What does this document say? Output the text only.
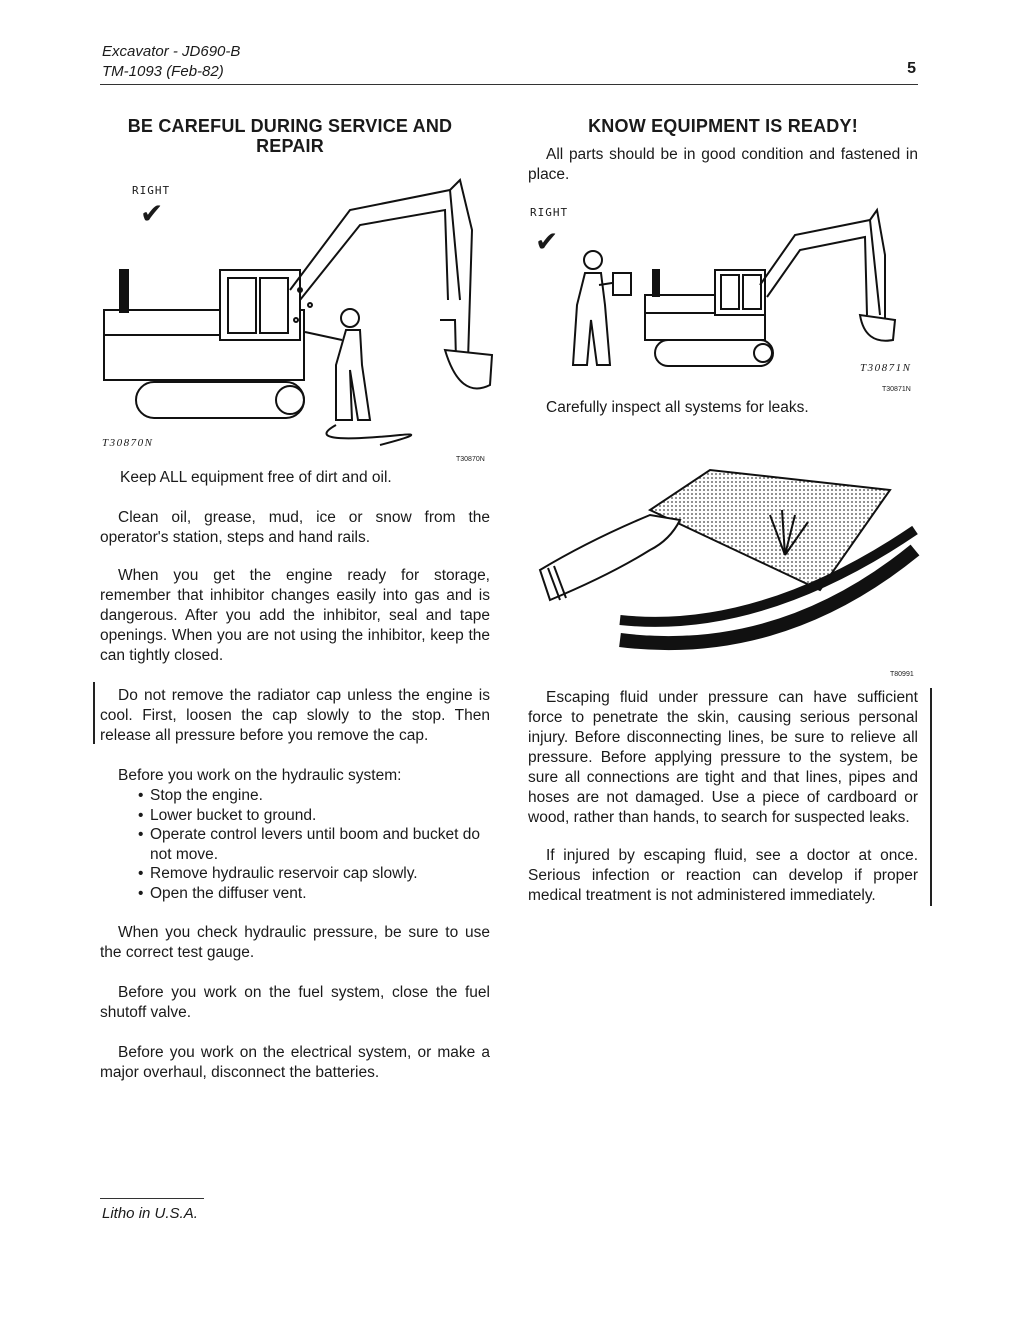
Excavator - JD690-B
TM-1093 (Feb-82)	5
BE CAREFUL DURING SERVICE AND REPAIR
RIGHT
✔
T30870N
T30870N
Keep ALL equipment free of dirt and oil.

Clean oil, grease, mud, ice or snow from the operator's station, steps and hand rails.

When you get the engine ready for storage, remember that inhibitor changes easily into gas and is dangerous. After you add the inhibitor, seal and tape openings. When you are not using the inhibitor, keep the can tightly closed.

Do not remove the radiator cap unless the engine is cool. First, loosen the cap slowly to the stop. Then release all pressure before you remove the cap.

Before you work on the hydraulic system:

• Stop the engine.
• Lower bucket to ground.
• Operate control levers until boom and bucket do not move.
• Remove hydraulic reservoir cap slowly.
• Open the diffuser vent.

When you check hydraulic pressure, be sure to use the correct test gauge.

Before you work on the fuel system, close the fuel shutoff valve.

Before you work on the electrical system, or make a major overhaul, disconnect the batteries.

KNOW EQUIPMENT IS READY!
All parts should be in good condition and fastened in place.
RIGHT
✔
T30871N
T30871N
Carefully inspect all systems for leaks.
T80991

Escaping fluid under pressure can have sufficient force to penetrate the skin, causing serious personal injury. Before disconnecting lines, be sure to relieve all pressure. Before applying pressure to the system, be sure all connections are tight and that lines, pipes and hoses are not damaged. Use a piece of cardboard or wood, rather than hands, to search for suspected leaks.

If injured by escaping fluid, see a doctor at once. Serious infection or reaction can develop if proper medical treatment is not administered immediately.

Litho in U.S.A.
